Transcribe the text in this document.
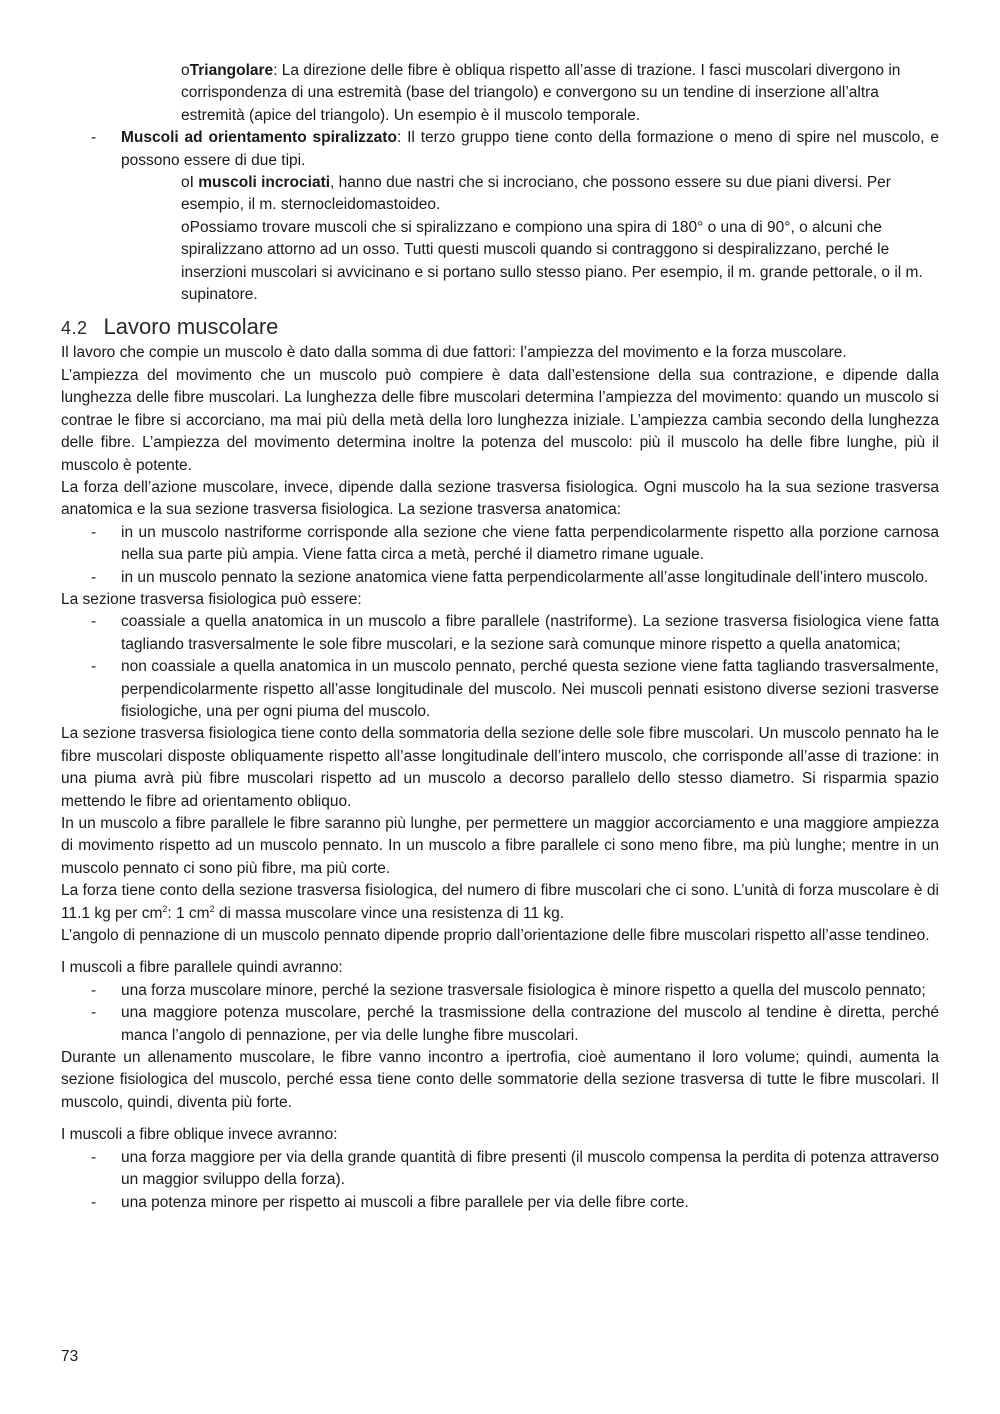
o Triangolare: La direzione delle fibre è obliqua rispetto all’asse di trazione. I fasci muscolari divergono in corrispondenza di una estremità (base del triangolo) e convergono su un tendine di inserzione all’altra estremità (apice del triangolo). Un esempio è il muscolo temporale.
- Muscoli ad orientamento spiralizzato: Il terzo gruppo tiene conto della formazione o meno di spire nel muscolo, e possono essere di due tipi.
o I muscoli incrociati, hanno due nastri che si incrociano, che possono essere su due piani diversi. Per esempio, il m. sternocleidomastoideo.
o Possiamo trovare muscoli che si spiralizzano e compiono una spira di 180° o una di 90°, o alcuni che spiralizzano attorno ad un osso. Tutti questi muscoli quando si contraggono si despiralizzano, perché le inserzioni muscolari si avvicinano e si portano sullo stesso piano. Per esempio, il m. grande pettorale, o il m. supinatore.
4.2 Lavoro muscolare

Il lavoro che compie un muscolo è dato dalla somma di due fattori: l’ampiezza del movimento e la forza muscolare.

L’ampiezza del movimento che un muscolo può compiere è data dall’estensione della sua contrazione, e dipende dalla lunghezza delle fibre muscolari. La lunghezza delle fibre muscolari determina l’ampiezza del movimento: quando un muscolo si contrae le fibre si accorciano, ma mai più della metà della loro lunghezza iniziale. L’ampiezza cambia secondo della lunghezza delle fibre. L’ampiezza del movimento determina inoltre la potenza del muscolo: più il muscolo ha delle fibre lunghe, più il muscolo è potente.

La forza dell’azione muscolare, invece, dipende dalla sezione trasversa fisiologica. Ogni muscolo ha la sua sezione trasversa anatomica e la sua sezione trasversa fisiologica. La sezione trasversa anatomica:

- in un muscolo nastriforme corrisponde alla sezione che viene fatta perpendicolarmente rispetto alla porzione carnosa nella sua parte più ampia. Viene fatta circa a metà, perché il diametro rimane uguale.
- in un muscolo pennato la sezione anatomica viene fatta perpendicolarmente all’asse longitudinale dell’intero muscolo.

La sezione trasversa fisiologica può essere:

- coassiale a quella anatomica in un muscolo a fibre parallele (nastriforme). La sezione trasversa fisiologica viene fatta tagliando trasversalmente le sole fibre muscolari, e la sezione sarà comunque minore rispetto a quella anatomica;
- non coassiale a quella anatomica in un muscolo pennato, perché questa sezione viene fatta tagliando trasversalmente, perpendicolarmente rispetto all’asse longitudinale del muscolo. Nei muscoli pennati esistono diverse sezioni trasverse fisiologiche, una per ogni piuma del muscolo.

La sezione trasversa fisiologica tiene conto della sommatoria della sezione delle sole fibre muscolari. Un muscolo pennato ha le fibre muscolari disposte obliquamente rispetto all’asse longitudinale dell’intero muscolo, che corrisponde all’asse di trazione: in una piuma avrà più fibre muscolari rispetto ad un muscolo a decorso parallelo dello stesso diametro. Si risparmia spazio mettendo le fibre ad orientamento obliquo.

In un muscolo a fibre parallele le fibre saranno più lunghe, per permettere un maggior accorciamento e una maggiore ampiezza di movimento rispetto ad un muscolo pennato. In un muscolo a fibre parallele ci sono meno fibre, ma più lunghe; mentre in un muscolo pennato ci sono più fibre, ma più corte.

La forza tiene conto della sezione trasversa fisiologica, del numero di fibre muscolari che ci sono. L’unità di forza muscolare è di 11.1 kg per $cm^2$: 1 $cm^2$ di massa muscolare vince una resistenza di 11 kg.

L’angolo di pennazione di un muscolo pennato dipende proprio dall’orientazione delle fibre muscolari rispetto all’asse tendineo.

I muscoli a fibre parallele quindi avranno:

- una forza muscolare minore, perché la sezione trasversale fisiologica è minore rispetto a quella del muscolo pennato;
- una maggiore potenza muscolare, perché la trasmissione della contrazione del muscolo al tendine è diretta, perché manca l’angolo di pennazione, per via delle lunghe fibre muscolari.

Durante un allenamento muscolare, le fibre vanno incontro a ipertrofia, cioè aumentano il loro volume; quindi, aumenta la sezione fisiologica del muscolo, perché essa tiene conto delle sommatorie della sezione trasversa di tutte le fibre muscolari. Il muscolo, quindi, diventa più forte.

I muscoli a fibre oblique invece avranno:

- una forza maggiore per via della grande quantità di fibre presenti (il muscolo compensa la perdita di potenza attraverso un maggior sviluppo della forza).
- una potenza minore per rispetto ai muscoli a fibre parallele per via delle fibre corte.
73
